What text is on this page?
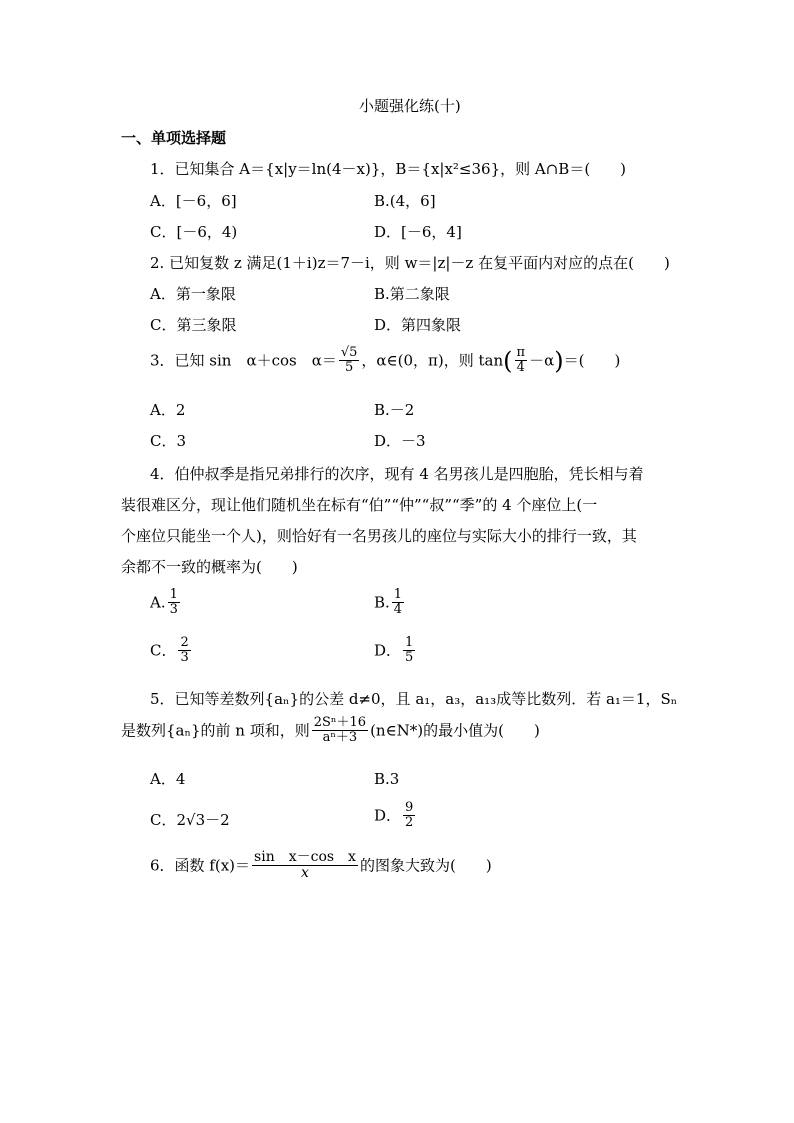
小题强化练(十)
一、单项选择题
1．已知集合 A＝{x|y＝ln(4－x)}，B＝{x|x²≤36}，则 A∩B＝(　　)
A．[－6，6]	B.(4，6]
C．[－6，4)	D．[－6，4]
2. 已知复数 z 满足(1＋i)z＝7－i，则 w＝|z|－z 在复平面内对应的点在(　　)
A．第一象限	B.第二象限
C．第三象限	D．第四象限
3．已知 sin　α＋cos　$\alpha= \frac{√5}{5}$ ，α∈(0，π)，则 $\tan( \frac{\pi}{4} -\alpha)=$(　　)
A．2	B.－2
C．3	D．－3
4．伯仲叔季是指兄弟排行的次序，现有 4 名男孩儿是四胞胎，凭长相与着
装很难区分，现让他们随机坐在标有“伯”“仲”“叔”“季”的 4 个座位上(一
个座位只能坐一个人)，则恰好有一名男孩儿的座位与实际大小的排行一致，其
余都不一致的概率为(　　)
A. $\frac{1}{3}$	B. $\frac{1}{4}$
C． $\frac{2}{3}$	D． $\frac{1}{5}$
5．已知等差数列{aₙ}的公差 d≠0，且 a₁，a₃，a₁₃成等比数列．若 a₁＝1，Sₙ
是数列{aₙ}的前 n 项和，则 $\frac{\text{2Sⁿ＋16}}{\text{aⁿ＋3}}$ (n∈N*)的最小值为(　　)
A．4	B.3
C．2√3－2	D． $\frac{9}{2}$
6．函数 $f(x)= \frac{\text{sin　x－cos　x}}{x}$ 的图象大致为(　　)
